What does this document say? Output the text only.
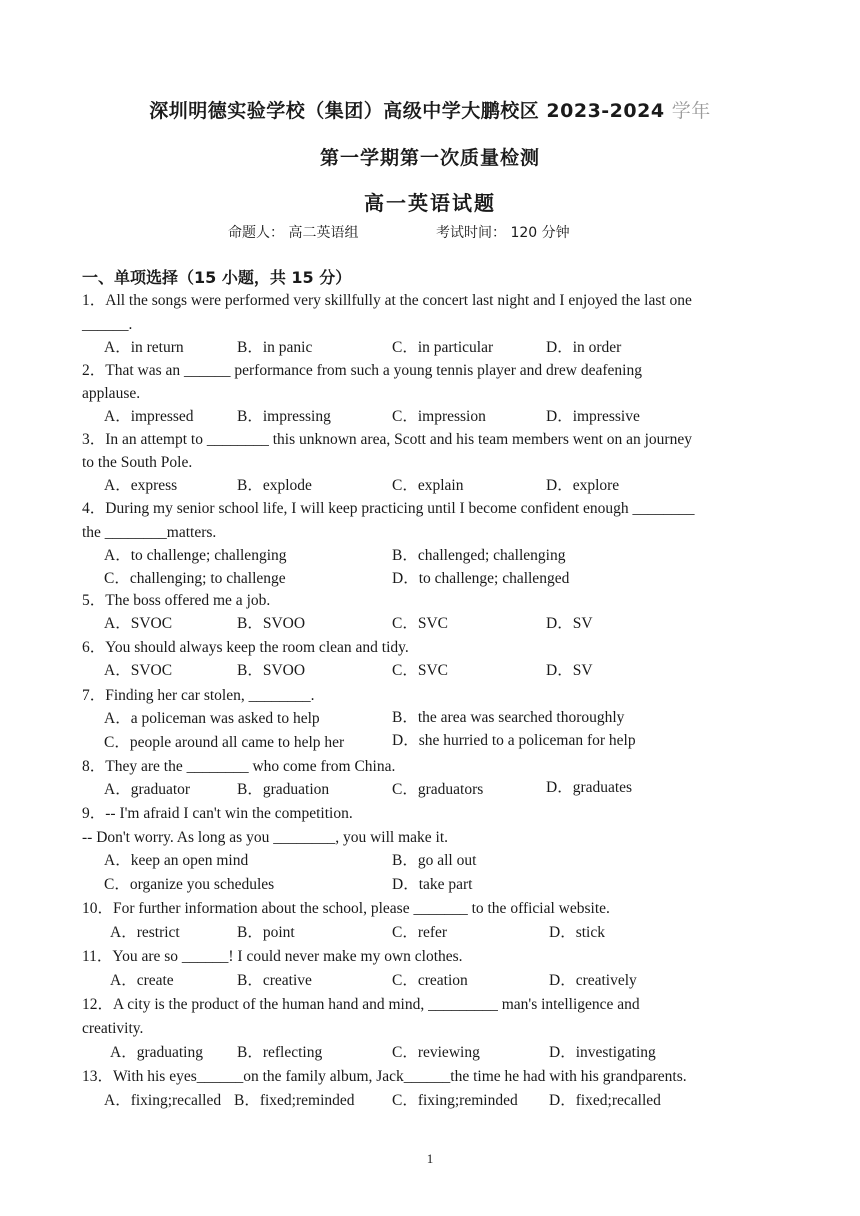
深圳明德实验学校（集团）高级中学大鹏校区 2023-2024 学年
第一学期第一次质量检测
高一英语试题
命题人： 高二英语组	考试时间： 120 分钟
一、单项选择（15 小题，共 15 分）
1．All the songs were performed very skillfully at the concert last night and I enjoyed the last one
______.
A．in return	B．in panic	C．in particular	D．in order
2．That was an ______ performance from such a young tennis player and drew deafening
applause.
A．impressed	B．impressing	C．impression	D．impressive
3．In an attempt to ________ this unknown area, Scott and his team members went on an journey
to the South Pole.
A．express	B．explode	C．explain	D．explore
4．During my senior school life, I will keep practicing until I become confident enough ________
the ________matters.
A．to challenge; challenging	B．challenged; challenging
C．challenging; to challenge	D．to challenge; challenged
5．The boss offered me a job.
A．SVOC	B．SVOO	C．SVC	D．SV
6．You should always keep the room clean and tidy.
A．SVOC	B．SVOO	C．SVC	D．SV
7．Finding her car stolen, ________.
A．a policeman was asked to help	B．the area was searched thoroughly
C．people around all came to help her	D．she hurried to a policeman for help
8．They are the ________ who come from China.
A．graduator	B．graduation	C．graduators	D．graduates
9．-- I'm afraid I can't win the competition.
-- Don't worry. As long as you ________, you will make it.
A．keep an open mind	B．go all out
C．organize you schedules	D．take part
10．For further information about the school, please _______ to the official website.
A．restrict	B．point	C．refer	D．stick
11．You are so ______! I could never make my own clothes.
A．create	B．creative	C．creation	D．creatively
12．A city is the product of the human hand and mind, _________ man's intelligence and
creativity.
A．graduating B．reflecting	C．reviewing	D．investigating
13．With his eyes______on the family album, Jack______the time he had with his grandparents.
A．fixing;recalled B．fixed;reminded C．fixing;reminded D．fixed;recalled
1
